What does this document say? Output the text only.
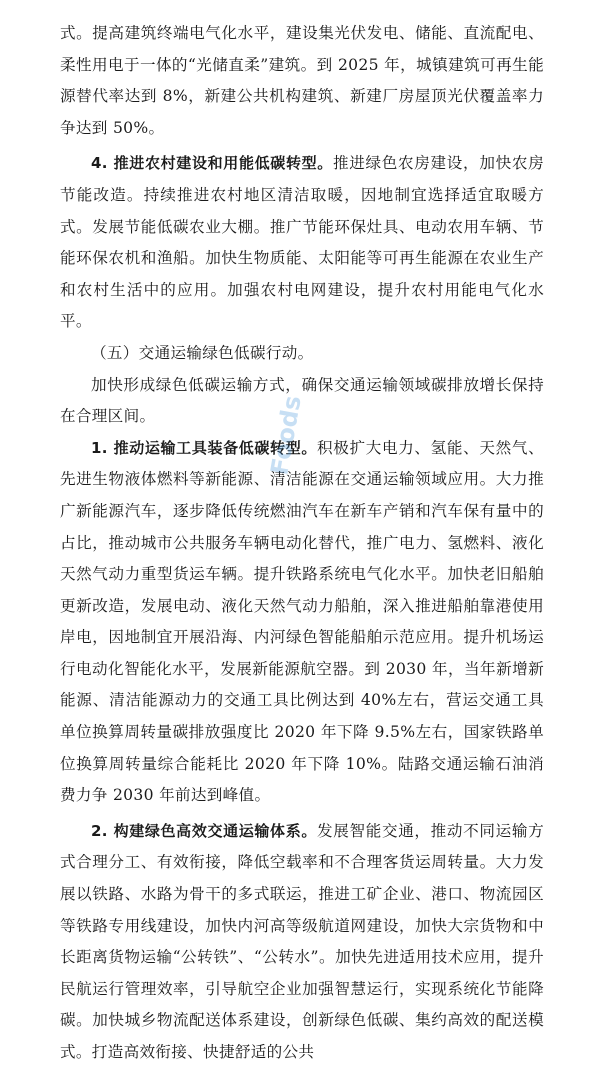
式。提高建筑终端电气化水平，建设集光伏发电、储能、直流配电、柔性用电于一体的“光储直柔”建筑。到 2025 年，城镇建筑可再生能源替代率达到 8%，新建公共机构建筑、新建厂房屋顶光伏覆盖率力争达到 50%。

4. 推进农村建设和用能低碳转型。推进绿色农房建设，加快农房节能改造。持续推进农村地区清洁取暖，因地制宜选择适宜取暖方式。发展节能低碳农业大棚。推广节能环保灶具、电动农用车辆、节能环保农机和渔船。加快生物质能、太阳能等可再生能源在农业生产和农村生活中的应用。加强农村电网建设，提升农村用能电气化水平。

（五）交通运输绿色低碳行动。

加快形成绿色低碳运输方式，确保交通运输领域碳排放增长保持在合理区间。

1. 推动运输工具装备低碳转型。积极扩大电力、氢能、天然气、先进生物液体燃料等新能源、清洁能源在交通运输领域应用。大力推广新能源汽车，逐步降低传统燃油汽车在新车产销和汽车保有量中的占比，推动城市公共服务车辆电动化替代，推广电力、氢燃料、液化天然气动力重型货运车辆。提升铁路系统电气化水平。加快老旧船舶更新改造，发展电动、液化天然气动力船舶，深入推进船舶靠港使用岸电，因地制宜开展沿海、内河绿色智能船舶示范应用。提升机场运行电动化智能化水平，发展新能源航空器。到 2030 年，当年新增新能源、清洁能源动力的交通工具比例达到 40%左右，营运交通工具单位换算周转量碳排放强度比 2020 年下降 9.5%左右，国家铁路单位换算周转量综合能耗比 2020 年下降 10%。陆路交通运输石油消费力争 2030 年前达到峰值。

2. 构建绿色高效交通运输体系。发展智能交通，推动不同运输方式合理分工、有效衔接，降低空载率和不合理客货运周转量。大力发展以铁路、水路为骨干的多式联运，推进工矿企业、港口、物流园区等铁路专用线建设，加快内河高等级航道网建设，加快大宗货物和中长距离货物运输“公转铁”、“公转水”。加快先进适用技术应用，提升民航运行管理效率，引导航空企业加强智慧运行，实现系统化节能降碳。加快城乡物流配送体系建设，创新绿色低碳、集约高效的配送模式。打造高效衔接、快捷舒适的公共

Foods
